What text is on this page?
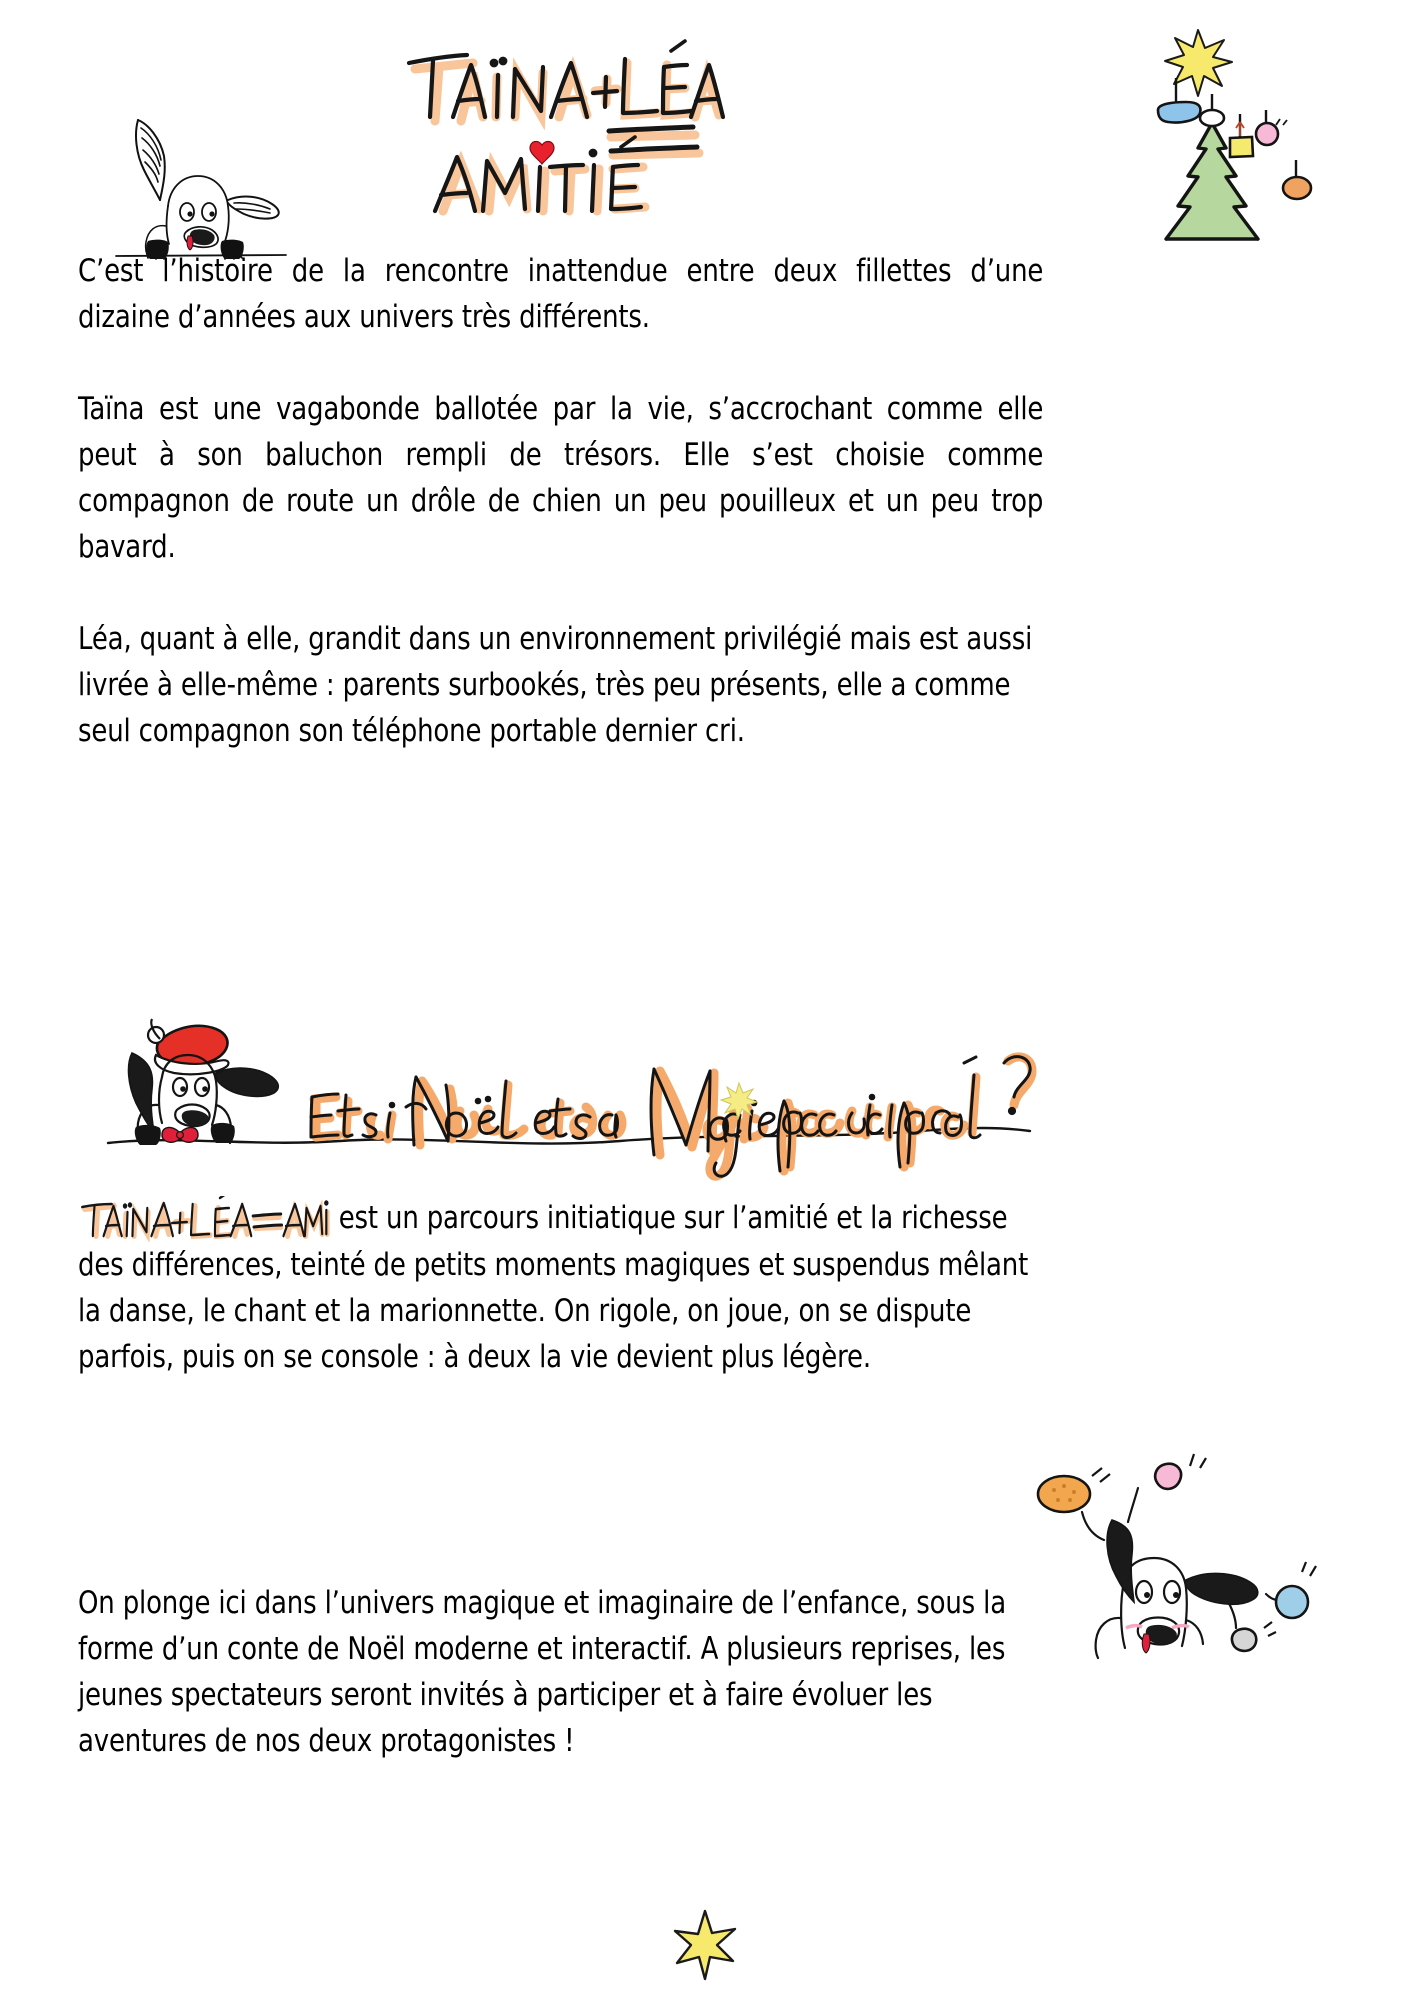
C’est l’histoire de la rencontre inattendue entre deux fillettes d’une dizaine d’années aux univers très différents.

Taïna est une vagabonde ballotée par la vie, s’accrochant comme elle peut à son baluchon rempli de trésors. Elle s’est choisie comme compagnon de route un drôle de chien un peu pouilleux et un peu trop bavard.

Léa, quant à elle, grandit dans un environnement privilégié mais est aussi livrée à elle-même : parents surbookés, très peu présents, elle a comme seul compagnon son téléphone portable dernier cri.

est un parcours initiatique sur l’amitié et la richesse des différences, teinté de petits moments magiques et suspendus mêlant la danse, le chant et la marionnette. On rigole, on joue, on se dispute parfois, puis on se console : à deux la vie devient plus légère.

On plonge ici dans l’univers magique et imaginaire de l’enfance, sous la forme d’un conte de Noël moderne et interactif. A plusieurs reprises, les jeunes spectateurs seront invités à participer et à faire évoluer les aventures de nos deux protagonistes !
